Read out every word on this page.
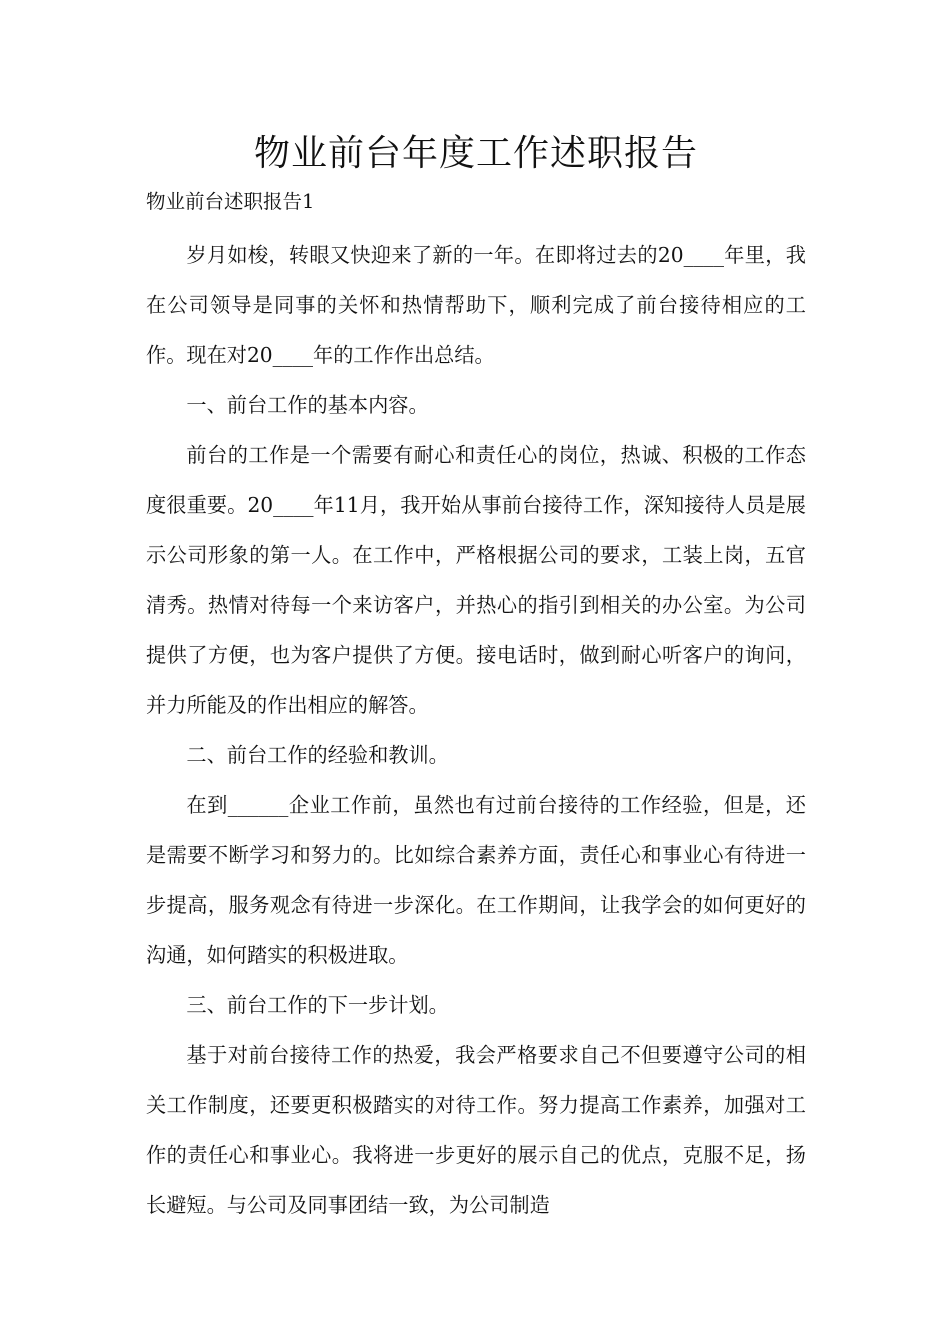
物业前台年度工作述职报告
物业前台述职报告1

岁月如梭，转眼又快迎来了新的一年。在即将过去的20____年里，我在公司领导是同事的关怀和热情帮助下，顺利完成了前台接待相应的工作。现在对20____年的工作作出总结。

一、前台工作的基本内容。

前台的工作是一个需要有耐心和责任心的岗位，热诚、积极的工作态度很重要。20____年11月，我开始从事前台接待工作，深知接待人员是展示公司形象的第一人。在工作中，严格根据公司的要求，工装上岗，五官清秀。热情对待每一个来访客户，并热心的指引到相关的办公室。为公司提供了方便，也为客户提供了方便。接电话时，做到耐心听客户的询问，并力所能及的作出相应的解答。

二、前台工作的经验和教训。

在到______企业工作前，虽然也有过前台接待的工作经验，但是，还是需要不断学习和努力的。比如综合素养方面，责任心和事业心有待进一步提高，服务观念有待进一步深化。在工作期间，让我学会的如何更好的沟通，如何踏实的积极进取。

三、前台工作的下一步计划。

基于对前台接待工作的热爱，我会严格要求自己不但要遵守公司的相关工作制度，还要更积极踏实的对待工作。努力提高工作素养，加强对工作的责任心和事业心。我将进一步更好的展示自己的优点，克服不足，扬长避短。与公司及同事团结一致，为公司制造
